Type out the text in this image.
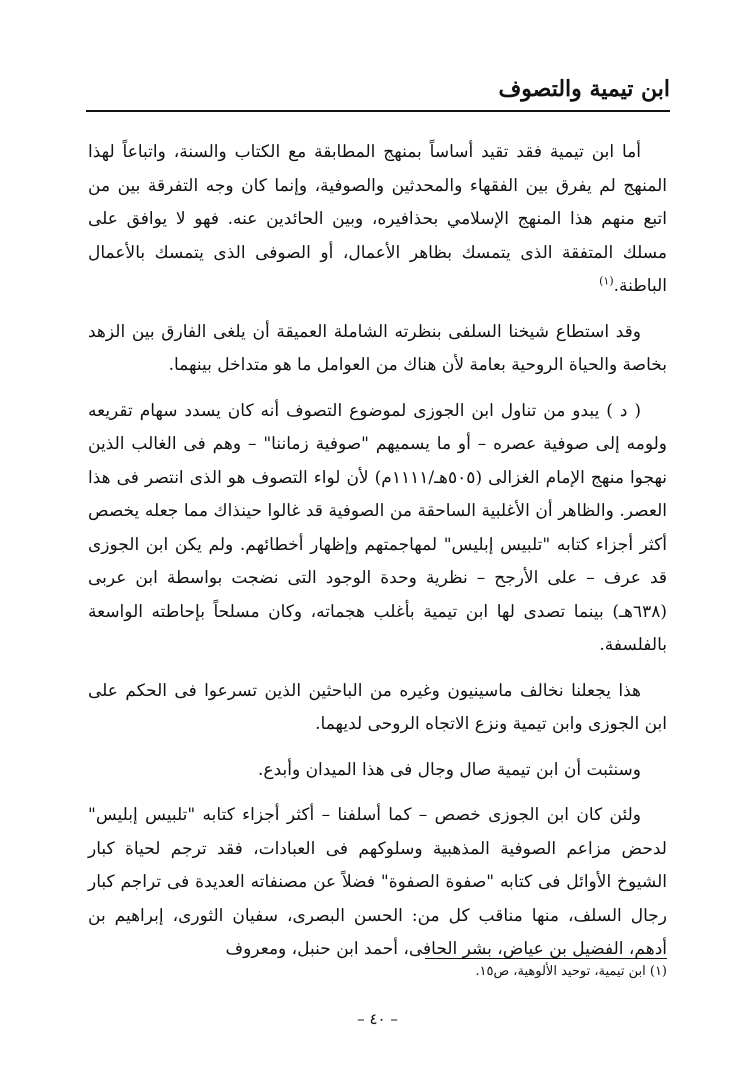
ابن تيمية والتصوف

أما ابن تيمية فقد تقيد أساساً بمنهج المطابقة مع الكتاب والسنة، واتباعاً لهذا المنهج لم يفرق بين الفقهاء والمحدثين والصوفية، وإنما كان وجه التفرقة بين من اتبع منهم هذا المنهج الإسلامي بحذافيره، وبين الحائدين عنه. فهو لا يوافق على مسلك المتفقة الذى يتمسك بظاهر الأعمال، أو الصوفى الذى يتمسك بالأعمال الباطنة.$^{(١)}$

وقد استطاع شيخنا السلفى بنظرته الشاملة العميقة أن يلغى الفارق بين الزهد بخاصة والحياة الروحية بعامة لأن هناك من العوامل ما هو متداخل بينهما.

( د ) يبدو من تناول ابن الجوزى لموضوع التصوف أنه كان يسدد سهام تقريعه ولومه إلى صوفية عصره – أو ما يسميهم "صوفية زماننا" – وهم فى الغالب الذين نهجوا منهج الإمام الغزالى (٥٠٥هـ/١١١١م) لأن لواء التصوف هو الذى انتصر فى هذا العصر. والظاهر أن الأغلبية الساحقة من الصوفية قد غالوا حينذاك مما جعله يخصص أكثر أجزاء كتابه "تلبيس إبليس" لمهاجمتهم وإظهار أخطائهم. ولم يكن ابن الجوزى قد عرف – على الأرجح – نظرية وحدة الوجود التى نضجت بواسطة ابن عربى (٦٣٨هـ) بينما تصدى لها ابن تيمية بأغلب هجماته، وكان مسلحاً بإحاطته الواسعة بالفلسفة.

هذا يجعلنا نخالف ماسينيون وغيره من الباحثين الذين تسرعوا فى الحكم على ابن الجوزى وابن تيمية ونزع الاتجاه الروحى لديهما.

وسنثبت أن ابن تيمية صال وجال فى هذا الميدان وأبدع.

ولئن كان ابن الجوزى خصص – كما أسلفنا – أكثر أجزاء كتابه "تلبيس إبليس" لدحض مزاعم الصوفية المذهبية وسلوكهم فى العبادات، فقد ترجم لحياة كبار الشيوخ الأوائل فى كتابه "صفوة الصفوة" فضلاً عن مصنفاته العديدة فى تراجم كبار رجال السلف، منها مناقب كل من: الحسن البصرى، سفيان الثورى، إبراهيم بن أدهم، الفضيل بن عياض، بشر الحافى، أحمد ابن حنبل، ومعروف

(١) ابن تيمية، توحيد الألوهية، ص١٥.
– ٤٠ –
